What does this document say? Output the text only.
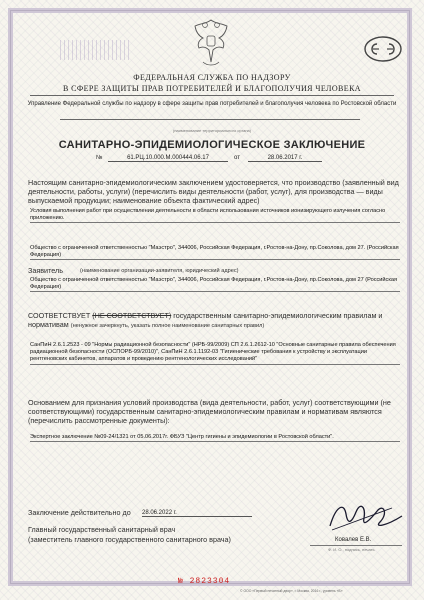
ФЕДЕРАЛЬНАЯ СЛУЖБА ПО НАДЗОРУ
В СФЕРЕ ЗАЩИТЫ ПРАВ ПОТРЕБИТЕЛЕЙ И БЛАГОПОЛУЧИЯ ЧЕЛОВЕКА
Управление Федеральной службы по надзору в сфере защиты прав потребителей и благополучия человека по Ростовской области
(наименование территориального органа)
САНИТАРНО-ЭПИДЕМИОЛОГИЧЕСКОЕ ЗАКЛЮЧЕНИЕ
№	61.РЦ.10.000.М.000444.06.17	от	28.06.2017 г.
Настоящим санитарно-эпидемиологическим заключением удостоверяется, что производство (заявленный вид деятельности, работы, услуги) (перечислить виды деятельности (работ, услуг), для производства — виды выпускаемой продукции; наименование объекта фактический адрес)
Условия выполнения работ при осуществлении деятельности в области использования источников ионизирующего излучения согласно приложению.
Общество с ограниченной ответственностью "Маэстро", 344006, Российская Федерация, г.Ростов-на-Дону, пр.Соколова, дом 27. (Российская Федерация)
Заявитель	(наименование организации-заявителя, юридический адрес)
Общество с ограниченной ответственностью "Маэстро", 344006, Российская Федерация, г.Ростов-на-Дону, пр.Соколова, дом 27 (Российская Федерация)
СООТВЕТСТВУЕТ (НЕ СООТВЕТСТВУЕТ) государственным санитарно-эпидемиологическим правилам и нормативам (ненужное зачеркнуть, указать полное наименование санитарных правил)
СанПиН 2.6.1.2523 - 09 "Нормы радиационной безопасности" (НРБ-99/2009) СП 2.6.1.2612-10 "Основные санитарные правила обеспечения радиационной безопасности (ОСПОРБ-99/2010)", СанПиН 2.6.1.1192-03 "Гигиенические требования к устройству и эксплуатации рентгеновских кабинетов, аппаратов и проведению рентгенологических исследований"
Основанием для признания условий производства (вида деятельности, работ, услуг) соответствующими (не соответствующими) государственным санитарно-эпидемиологическим правилам и нормативам являются (перечислить рассмотренные документы):
Экспертное заключение №09-24/1321 от 05.06.2017г. ФБУЗ "Центр гигиены и эпидемиологии в Ростовской области".
Заключение действительно до	28.06.2022 г.
Главный государственный санитарный врач
(заместитель главного государственного санитарного врача)	Ковалев Е.В.
Ф. И. О., подпись, печать
№ 2823304
© ООО «Первый печатный двор», г. Москва, 2016 г., уровень «Б»
